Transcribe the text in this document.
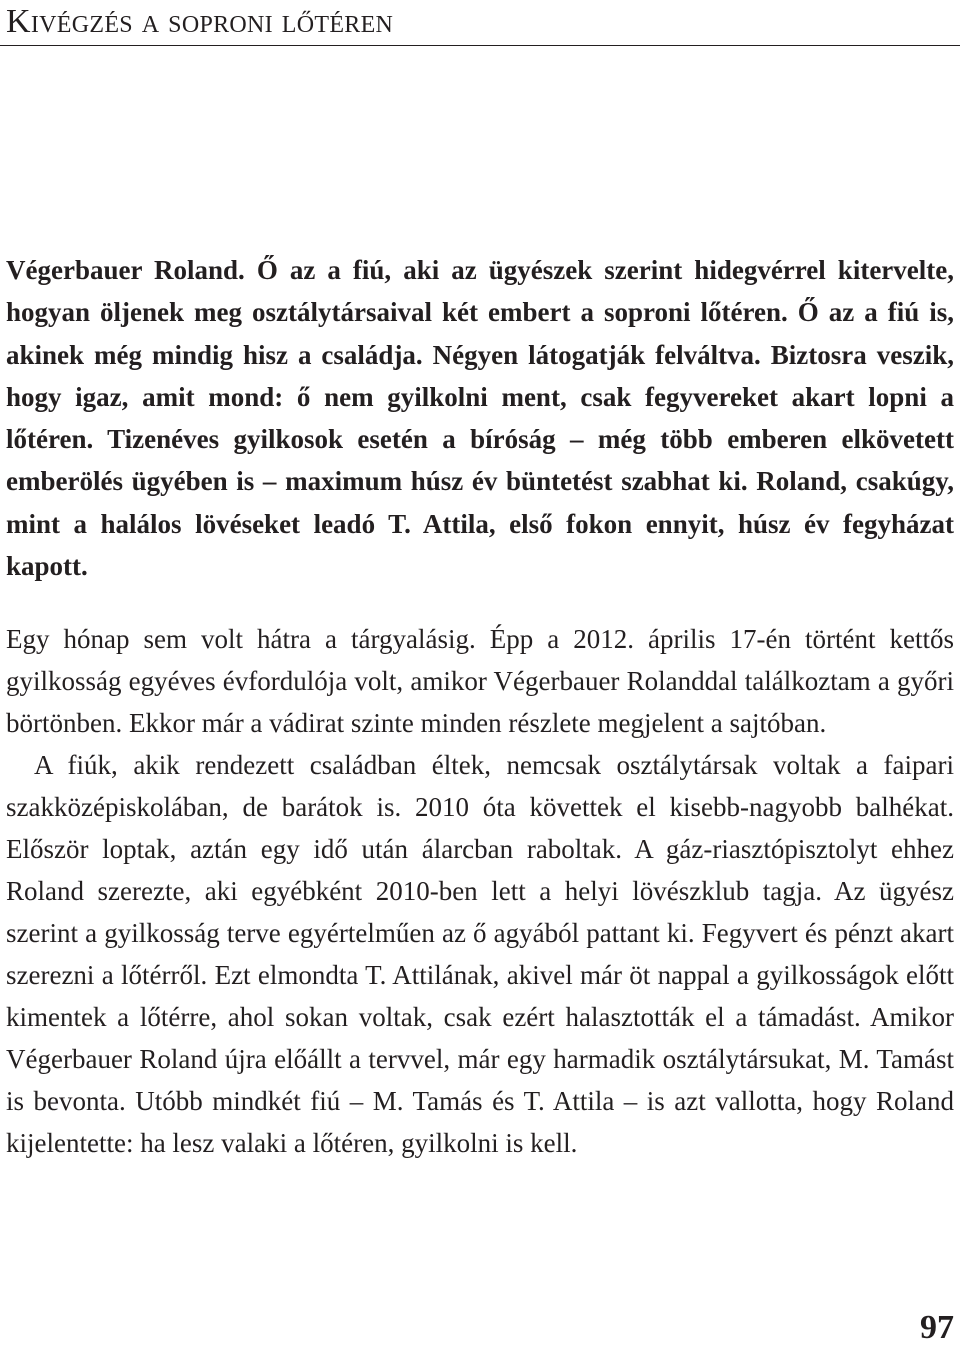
Kivégzés a soproni lőtéren

Végerbauer Roland. Ő az a fiú, aki az ügyészek szerint hidegvérrel kitervelte, hogyan öljenek meg osztálytársaival két embert a soproni lőtéren. Ő az a fiú is, akinek még mindig hisz a családja. Négyen látogatják felváltva. Biztosra veszik, hogy igaz, amit mond: ő nem gyilkolni ment, csak fegyvereket akart lopni a lőtéren. Tizenéves gyilkosok esetén a bíróság – még több emberen elkövetett emberölés ügyében is – maximum húsz év büntetést szabhat ki. Roland, csakúgy, mint a halálos lövéseket leadó T. Attila, első fokon ennyit, húsz év fegyházat kapott.

Egy hónap sem volt hátra a tárgyalásig. Épp a 2012. április 17-én történt kettős gyilkosság egyéves évfordulója volt, amikor Végerbauer Rolanddal találkoztam a győri börtönben. Ekkor már a vádirat szinte minden részlete megjelent a sajtóban.

A fiúk, akik rendezett családban éltek, nemcsak osztálytársak voltak a faipari szakközépiskolában, de barátok is. 2010 óta követtek el kisebb-nagyobb balhékat. Először loptak, aztán egy idő után álarcban raboltak. A gáz-riasztópisztolyt ehhez Roland szerezte, aki egyébként 2010-ben lett a helyi lövészklub tagja. Az ügyész szerint a gyilkosság terve egyértelműen az ő agyából pattant ki. Fegyvert és pénzt akart szerezni a lőtérről. Ezt elmondta T. Attilának, akivel már öt nappal a gyilkosságok előtt kimentek a lőtérre, ahol sokan voltak, csak ezért halasztották el a támadást. Amikor Végerbauer Roland újra előállt a tervvel, már egy harmadik osztálytársukat, M. Tamást is bevonta. Utóbb mindkét fiú – M. Tamás és T. Attila – is azt vallotta, hogy Roland kijelentette: ha lesz valaki a lőtéren, gyilkolni is kell.

97
